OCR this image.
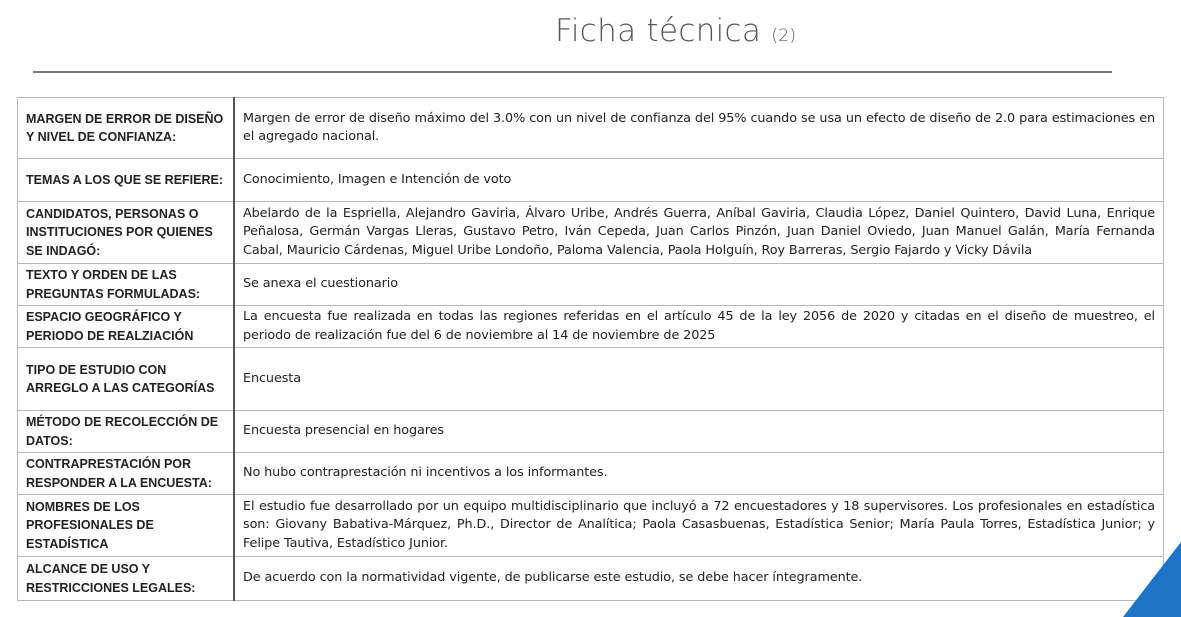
Ficha técnica (2)
MARGEN DE ERROR DE DISEÑO Y NIVEL DE CONFIANZA:	Margen de error de diseño máximo del 3.0% con un nivel de confianza del 95% cuando se usa un efecto de diseño de 2.0 para estimaciones en el agregado nacional.
TEMAS A LOS QUE SE REFIERE:	Conocimiento, Imagen e Intención de voto
CANDIDATOS, PERSONAS O INSTITUCIONES POR QUIENES SE INDAGÓ:	Abelardo de la Espriella, Alejandro Gaviria, Álvaro Uribe, Andrés Guerra, Aníbal Gaviria, Claudia López, Daniel Quintero, David Luna, Enrique Peñalosa, Germán Vargas Lleras, Gustavo Petro, Iván Cepeda, Juan Carlos Pinzón, Juan Daniel Oviedo, Juan Manuel Galán, María Fernanda Cabal, Mauricio Cárdenas, Miguel Uribe Londoño, Paloma Valencia, Paola Holguín, Roy Barreras, Sergio Fajardo y Vicky Dávila
TEXTO Y ORDEN DE LAS PREGUNTAS FORMULADAS:	Se anexa el cuestionario
ESPACIO GEOGRÁFICO Y PERIODO DE REALZIACIÓN	La encuesta fue realizada en todas las regiones referidas en el artículo 45 de la ley 2056 de 2020 y citadas en el diseño de muestreo, el periodo de realización fue del 6 de noviembre al 14 de noviembre de 2025
TIPO DE ESTUDIO CON ARREGLO A LAS CATEGORÍAS	Encuesta
MÉTODO DE RECOLECCIÓN DE DATOS:	Encuesta presencial en hogares
CONTRAPRESTACIÓN POR RESPONDER A LA ENCUESTA:	No hubo contraprestación ni incentivos a los informantes.
NOMBRES DE LOS PROFESIONALES DE ESTADÍSTICA	El estudio fue desarrollado por un equipo multidisciplinario que incluyó a 72 encuestadores y 18 supervisores. Los profesionales en estadística son: Giovany Babativa-Márquez, Ph.D., Director de Analítica; Paola Casasbuenas, Estadística Senior; María Paula Torres, Estadística Junior; y Felipe Tautiva, Estadístico Junior.
ALCANCE DE USO Y RESTRICCIONES LEGALES:	De acuerdo con la normatividad vigente, de publicarse este estudio, se debe hacer íntegramente.
